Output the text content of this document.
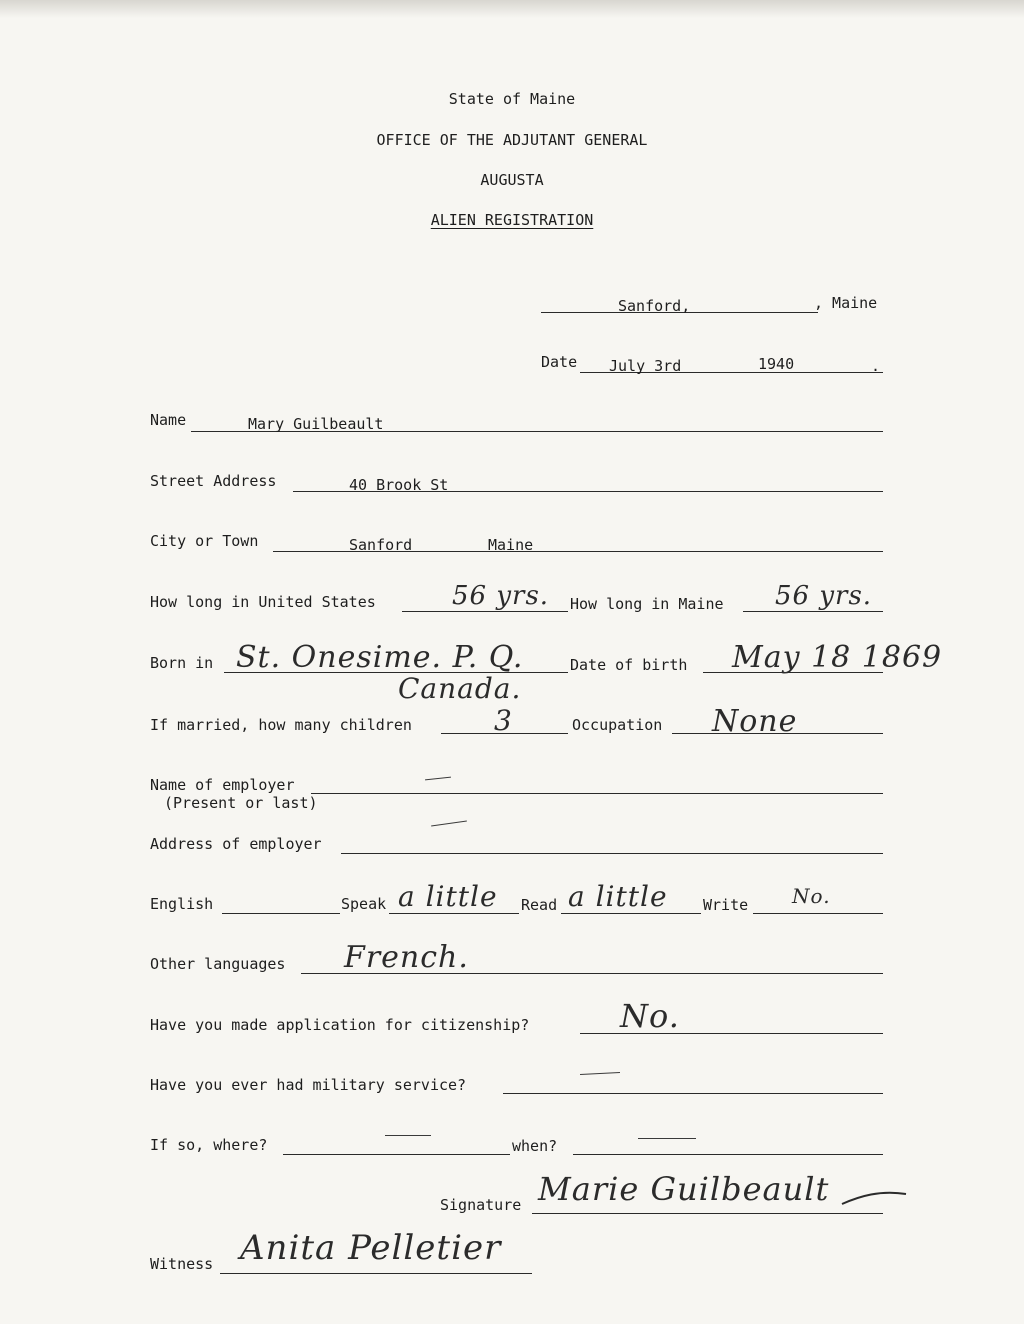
State of Maine
OFFICE OF THE ADJUTANT GENERAL
AUGUSTA
ALIEN REGISTRATION
Sanford,	, Maine
Date July 3rd	1940	.
Name	Mary Guilbeault
Street Address	40 Brook St
City or Town	Sanford	Maine
How long in United States	56 yrs. How long in Maine 56 yrs.
Born in St. Onesime. P. Q.
Canada.
Date of birth May 18 1869
If married, how many children	3	Occupation None
Name of employer
(Present or last)
Address of employer
English	Speak a little Read a little Write No.
Other languages French.
Have you made application for citizenship?	No.
Have you ever had military service?
If so, where?	when?
Signature Marie Guilbeault
Witness Anita Pelletier
